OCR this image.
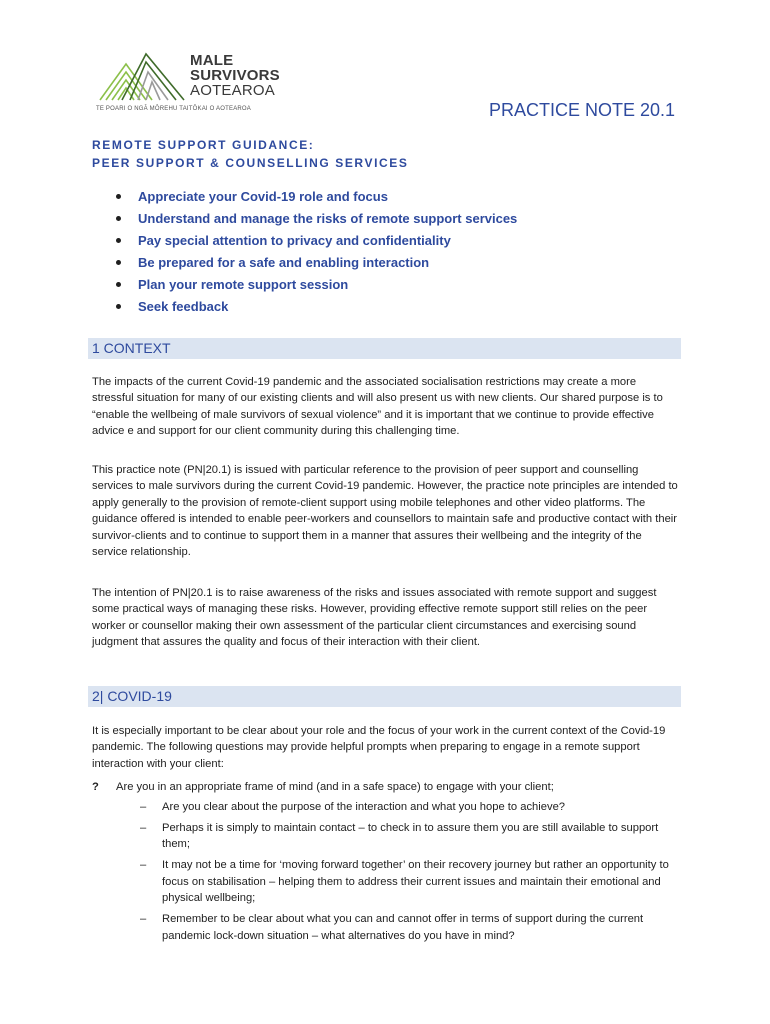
MALE
SURVIVORS
AOTEAROA
TE POARI O NGĀ MŌREHU TAITŌKAI O AOTEAROA	PRACTICE NOTE 20.1
REMOTE SUPPORT GUIDANCE:
PEER SUPPORT & COUNSELLING SERVICES
Appreciate your Covid-19 role and focus
Understand and manage the risks of remote support services
Pay special attention to privacy and confidentiality
Be prepared for a safe and enabling interaction
Plan your remote support session
Seek feedback
1 CONTEXT

The impacts of the current Covid-19 pandemic and the associated socialisation restrictions may create a more stressful situation for many of our existing clients and will also present us with new clients. Our shared purpose is to “enable the wellbeing of male survivors of sexual violence” and it is important that we continue to provide effective advice e and support for our client community during this challenging time.

This practice note (PN|20.1) is issued with particular reference to the provision of peer support and counselling services to male survivors during the current Covid-19 pandemic. However, the practice note principles are intended to apply generally to the provision of remote-client support using mobile telephones and other video platforms. The guidance offered is intended to enable peer-workers and counsellors to maintain safe and productive contact with their survivor-clients and to continue to support them in a manner that assures their wellbeing and the integrity of the service relationship.

The intention of PN|20.1 is to raise awareness of the risks and issues associated with remote support and suggest some practical ways of managing these risks. However, providing effective remote support still relies on the peer worker or counsellor making their own assessment of the particular client circumstances and exercising sound judgment that assures the quality and focus of their interaction with their client.

2| COVID-19

It is especially important to be clear about your role and the focus of your work in the current context of the Covid-19 pandemic. The following questions may provide helpful prompts when preparing to engage in a remote support interaction with your client:

? Are you in an appropriate frame of mind (and in a safe space) to engage with your client;
– Are you clear about the purpose of the interaction and what you hope to achieve?
– Perhaps it is simply to maintain contact – to check in to assure them you are still available to support them;
– It may not be a time for ‘moving forward together’ on their recovery journey but rather an opportunity to focus on stabilisation – helping them to address their current issues and maintain their emotional and physical wellbeing;
– Remember to be clear about what you can and cannot offer in terms of support during the current pandemic lock-down situation – what alternatives do you have in mind?
